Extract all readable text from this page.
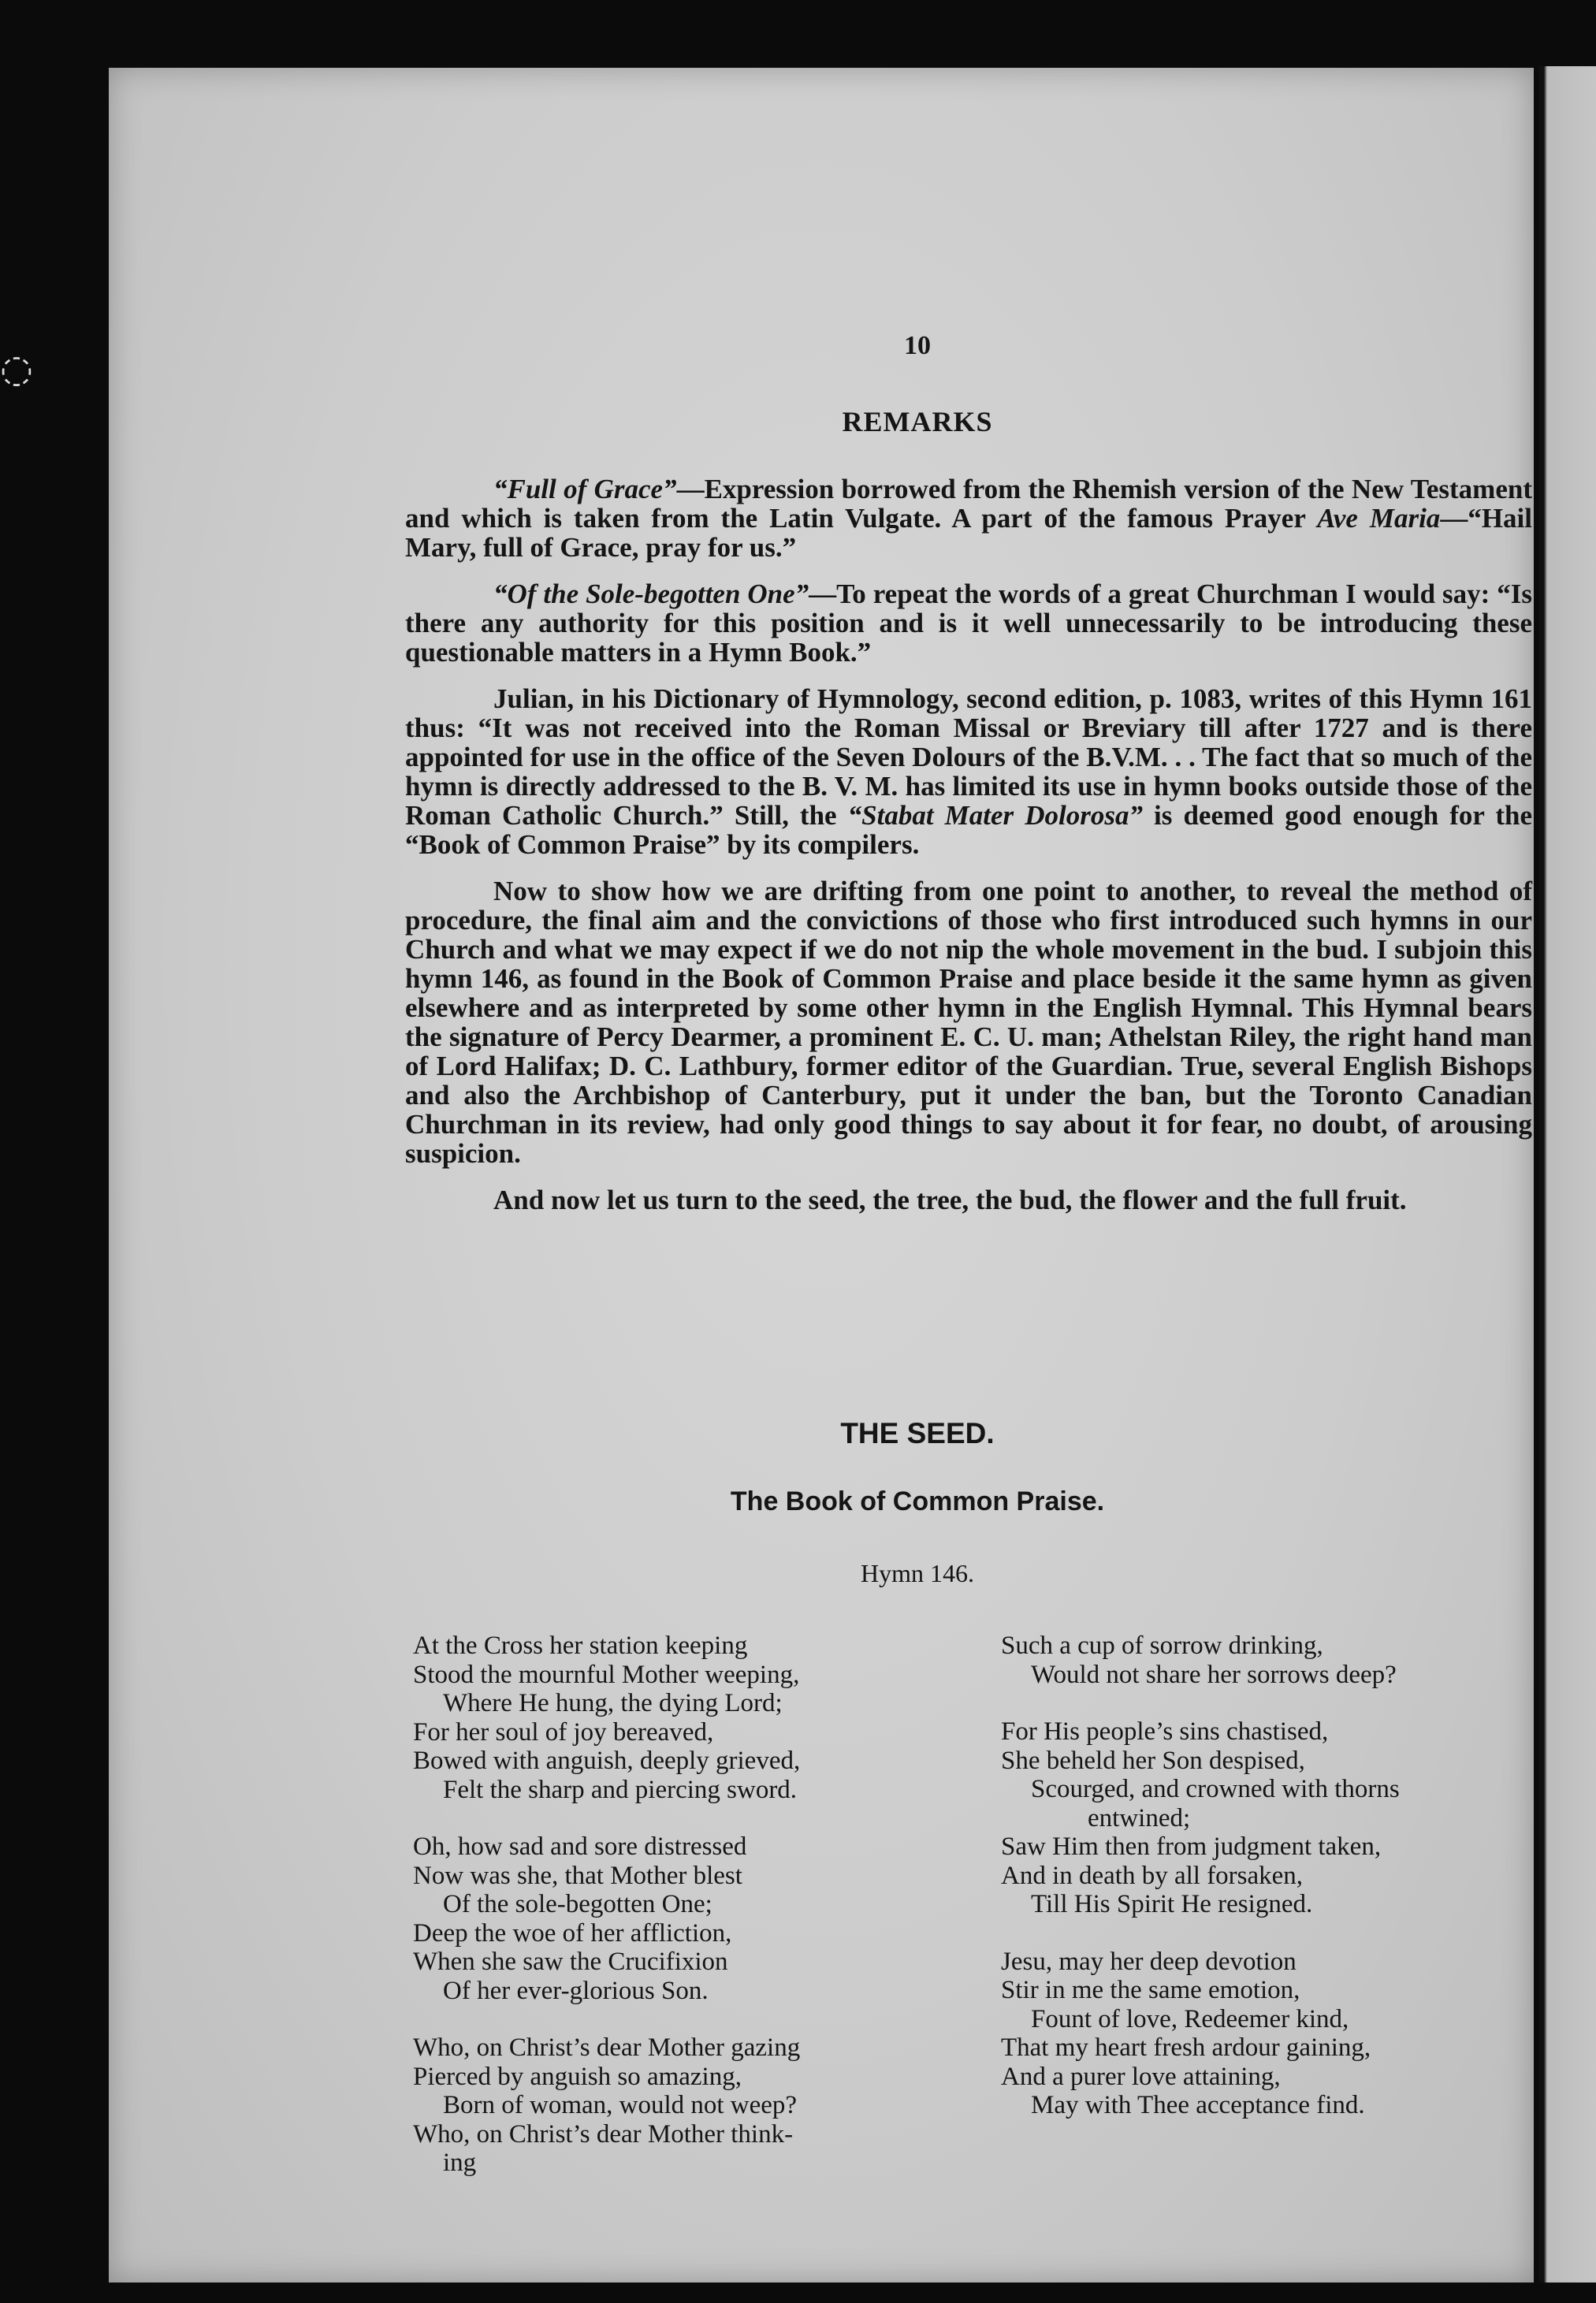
◌

10

REMARKS

“Full of Grace”—Expression borrowed from the Rhemish version of the New Testament and which is taken from the Latin Vulgate. A part of the famous Prayer Ave Maria—“Hail Mary, full of Grace, pray for us.”

“Of the Sole-begotten One”—To repeat the words of a great Churchman I would say: “Is there any authority for this position and is it well unnecessarily to be introducing these questionable matters in a Hymn Book.”

Julian, in his Dictionary of Hymnology, second edition, p. 1083, writes of this Hymn 161 thus: “It was not received into the Roman Missal or Breviary till after 1727 and is there appointed for use in the office of the Seven Dolours of the B.V.M. . . The fact that so much of the hymn is directly addressed to the B. V. M. has limited its use in hymn books outside those of the Roman Catholic Church.” Still, the “Stabat Mater Dolorosa” is deemed good enough for the “Book of Common Praise” by its compilers.

Now to show how we are drifting from one point to another, to reveal the method of procedure, the final aim and the convictions of those who first introduced such hymns in our Church and what we may expect if we do not nip the whole movement in the bud. I subjoin this hymn 146, as found in the Book of Common Praise and place beside it the same hymn as given elsewhere and as interpreted by some other hymn in the English Hymnal. This Hymnal bears the signature of Percy Dearmer, a prominent E. C. U. man; Athelstan Riley, the right hand man of Lord Halifax; D. C. Lathbury, former editor of the Guardian. True, several English Bishops and also the Archbishop of Canterbury, put it under the ban, but the Toronto Canadian Churchman in its review, had only good things to say about it for fear, no doubt, of arousing suspicion.

And now let us turn to the seed, the tree, the bud, the flower and the full fruit.

THE SEED.
The Book of Common Praise.

Hymn 146.

At the Cross her station keeping
Stood the mournful Mother weeping,
Where He hung, the dying Lord;
For her soul of joy bereaved,
Bowed with anguish, deeply grieved,
Felt the sharp and piercing sword.
Oh, how sad and sore distressed
Now was she, that Mother blest
Of the sole-begotten One;
Deep the woe of her affliction,
When she saw the Crucifixion
Of her ever-glorious Son.
Who, on Christ’s dear Mother gazing
Pierced by anguish so amazing,
Born of woman, would not weep?
Who, on Christ’s dear Mother think-
ing
Such a cup of sorrow drinking,
Would not share her sorrows deep?
For His people’s sins chastised,
She beheld her Son despised,
Scourged, and crowned with thorns
entwined;
Saw Him then from judgment taken,
And in death by all forsaken,
Till His Spirit He resigned.
Jesu, may her deep devotion
Stir in me the same emotion,
Fount of love, Redeemer kind,
That my heart fresh ardour gaining,
And a purer love attaining,
May with Thee acceptance find.
